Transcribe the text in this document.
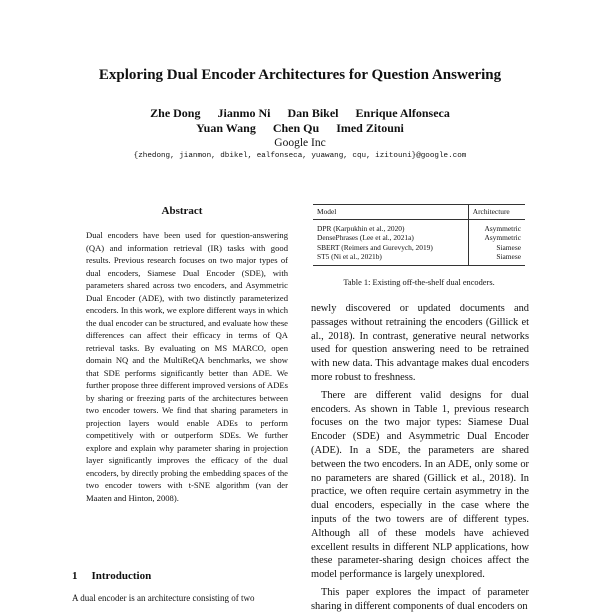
Exploring Dual Encoder Architectures for Question Answering
Zhe Dong Jianmo Ni Dan Bikel Enrique Alfonseca
Yuan Wang Chen Qu Imed Zitouni
Google Inc
{zhedong, jianmon, dbikel, ealfonseca, yuawang, cqu, izitouni}@google.com
Abstract
Dual encoders have been used for question-answering (QA) and information retrieval (IR) tasks with good results. Previous research focuses on two major types of dual encoders, Siamese Dual Encoder (SDE), with parameters shared across two encoders, and Asymmetric Dual Encoder (ADE), with two distinctly parameterized encoders. In this work, we explore different ways in which the dual encoder can be structured, and evaluate how these differences can affect their efficacy in terms of QA retrieval tasks. By evaluating on MS MARCO, open domain NQ and the MultiReQA benchmarks, we show that SDE performs significantly better than ADE. We further propose three different improved versions of ADEs by sharing or freezing parts of the architectures between two encoder towers. We find that sharing parameters in projection layers would enable ADEs to perform competitively with or outperform SDEs. We further explore and explain why parameter sharing in projection layer significantly improves the efficacy of the dual encoders, by directly probing the embedding spaces of the two encoder towers with t-SNE algorithm (van der Maaten and Hinton, 2008).
1 Introduction
A dual encoder is an architecture consisting of two
Model	Architecture
DPR (Karpukhin et al., 2020)	Asymmetric
DensePhrases (Lee et al., 2021a)	Asymmetric
SBERT (Reimers and Gurevych, 2019)	Siamese
ST5 (Ni et al., 2021b)	Siamese
Table 1: Existing off-the-shelf dual encoders.

newly discovered or updated documents and passages without retraining the encoders (Gillick et al., 2018). In contrast, generative neural networks used for question answering need to be retrained with new data. This advantage makes dual encoders more robust to freshness.

There are different valid designs for dual encoders. As shown in Table 1, previous research focuses on the two major types: Siamese Dual Encoder (SDE) and Asymmetric Dual Encoder (ADE). In a SDE, the parameters are shared between the two encoders. In an ADE, only some or no parameters are shared (Gillick et al., 2018). In practice, we often require certain asymmetry in the dual encoders, especially in the case where the inputs of the two towers are of different types. Although all of these models have achieved excellent results in different NLP applications, how these parameter-sharing design choices affect the model performance is largely unexplored.

This paper explores the impact of parameter sharing in different components of dual encoders on
